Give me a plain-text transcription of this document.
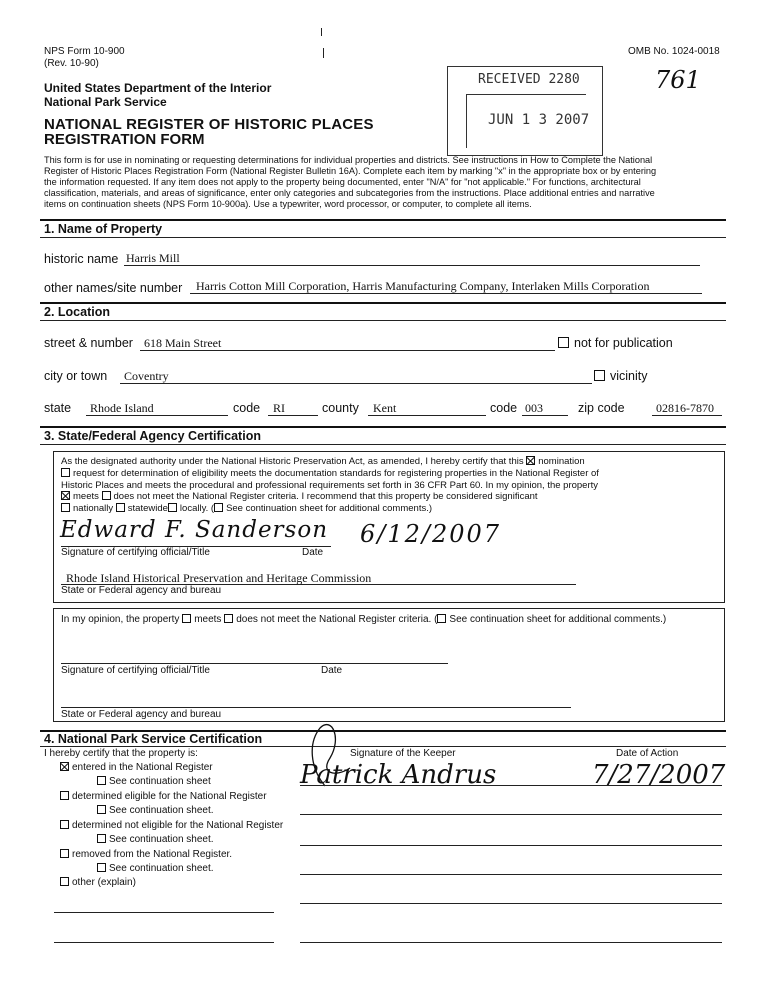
NPS Form 10-900
(Rev. 10-90)
OMB No. 1024-0018
United States Department of the Interior
National Park Service
NATIONAL REGISTER OF HISTORIC PLACES
REGISTRATION FORM
RECEIVED 2280
JUN 1 3 2007
761
This form is for use in nominating or requesting determinations for individual properties and districts. See instructions in How to Complete the National
Register of Historic Places Registration Form (National Register Bulletin 16A). Complete each item by marking "x" in the appropriate box or by entering
the information requested. If any item does not apply to the property being documented, enter "N/A" for "not applicable." For functions, architectural
classification, materials, and areas of significance, enter only categories and subcategories from the instructions. Place additional entries and narrative
items on continuation sheets (NPS Form 10-900a). Use a typewriter, word processor, or computer, to complete all items.
1. Name of Property
historic name Harris Mill
other names/site number Harris Cotton Mill Corporation, Harris Manufacturing Company, Interlaken Mills Corporation
2. Location
street & number 618 Main Street	not for publication
city or town Coventry	vicinity
state Rhode Island	code RI	county Kent	code 003	zip code	02816-7870
3. State/Federal Agency Certification
As the designated authority under the National Historic Preservation Act, as amended, I hereby certify that this nomination
request for determination of eligibility meets the documentation standards for registering properties in the National Register of
Historic Places and meets the procedural and professional requirements set forth in 36 CFR Part 60. In my opinion, the property
meets does not meet the National Register criteria. I recommend that this property be considered significant
nationally statewide locally. ( See continuation sheet for additional comments.)
Edward F. Sanderson 6/12/2007
Signature of certifying official/Title	Date
Rhode Island Historical Preservation and Heritage Commission
State or Federal agency and bureau
In my opinion, the property meets does not meet the National Register criteria. ( See continuation sheet for additional comments.)
Signature of certifying official/Title	Date
State or Federal agency and bureau
4. National Park Service Certification
I hereby certify that the property is:	Signature of the Keeper	Date of Action
Patrick Andrus	7/27/2007
entered in the National Register
See continuation sheet
determined eligible for the National Register
See continuation sheet.
determined not eligible for the National Register
See continuation sheet.
removed from the National Register.
See continuation sheet.
other (explain)
